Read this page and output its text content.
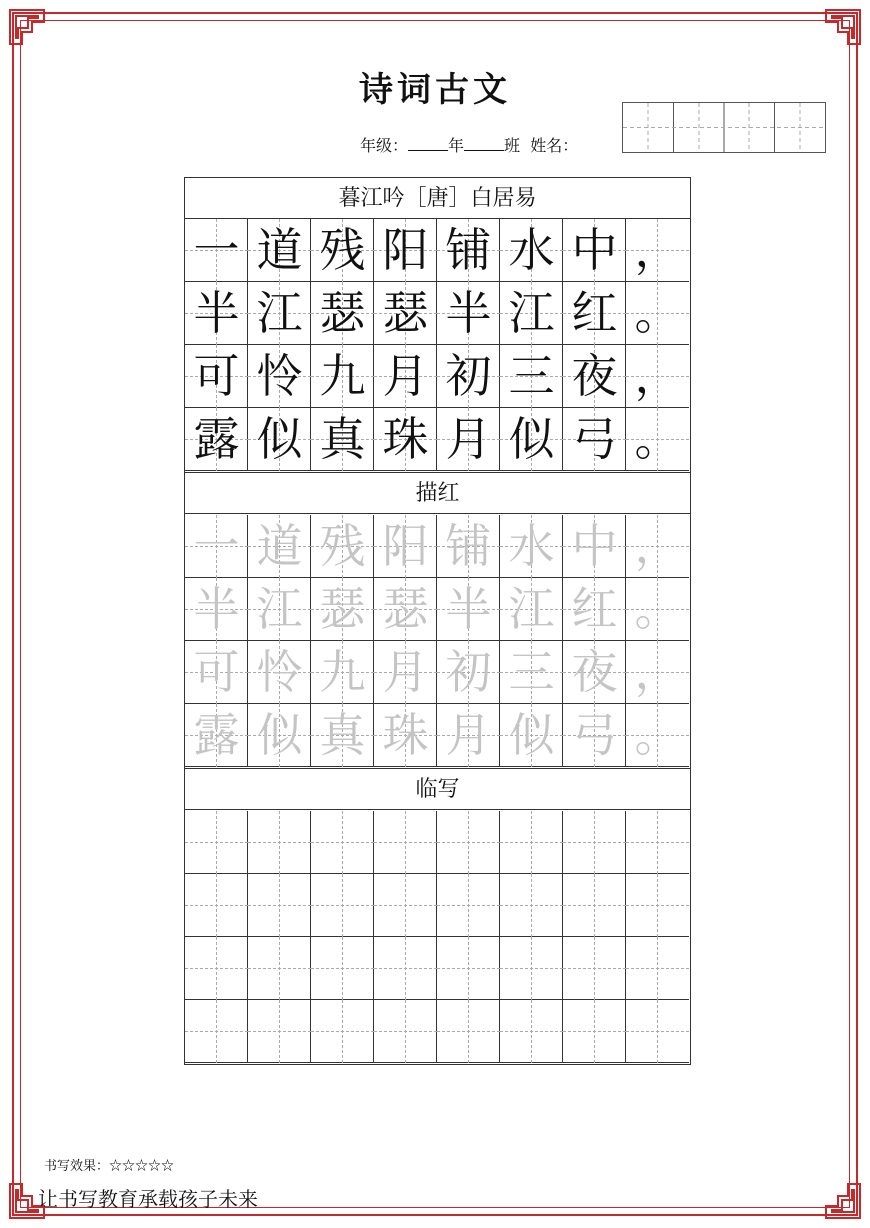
诗词古文
年级：	年	班 姓名：
暮江吟［唐］白居易
一 道 残 阳 铺 水 中 ，
半 江 瑟 瑟 半 江 红 。
可 怜 九 月 初 三 夜 ，
露 似 真 珠 月 似 弓 。
描红
一 道 残 阳 铺 水 中 ，
半 江 瑟 瑟 半 江 红 。
可 怜 九 月 初 三 夜 ，
露 似 真 珠 月 似 弓 。
临写
书写效果：☆☆☆☆☆
让书写教育承载孩子未来
